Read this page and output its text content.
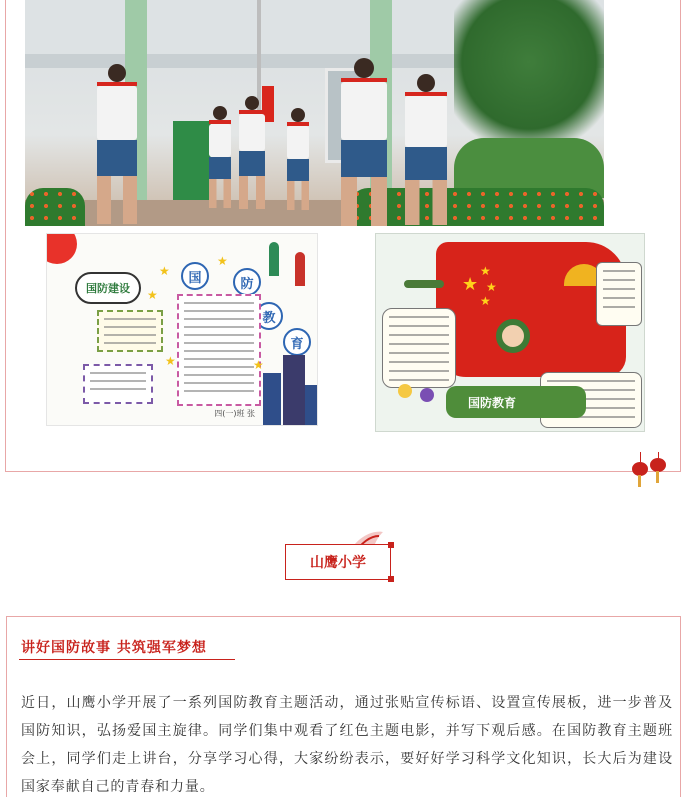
国防建设
国	防
教
育
★
★
★
★	★
四(一)班 张
★
★
★
★
国防教育
山鹰小学
讲好国防故事 共筑强军梦想

近日，山鹰小学开展了一系列国防教育主题活动，通过张贴宣传标语、设置宣传展板，进一步普及国防知识，弘扬爱国主旋律。同学们集中观看了红色主题电影，并写下观后感。在国防教育主题班会上，同学们走上讲台，分享学习心得，大家纷纷表示，要好好学习科学文化知识，长大后为建设国家奉献自己的青春和力量。
